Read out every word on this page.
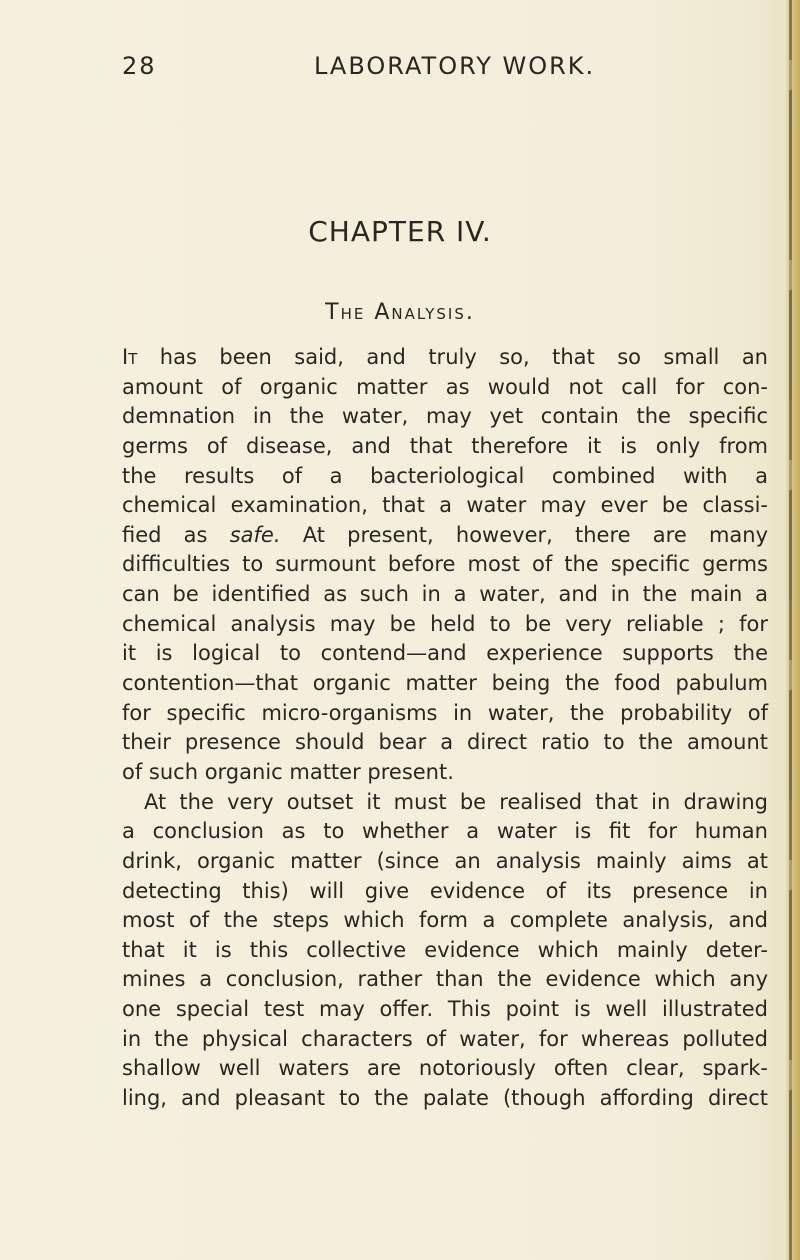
28	LABORATORY WORK.
CHAPTER IV.
The Analysis.
It has been said, and truly so, that so small an
amount of organic matter as would not call for con-
demnation in the water, may yet contain the specific
germs of disease, and that therefore it is only from
the results of a bacteriological combined with a
chemical examination, that a water may ever be classi-
fied as safe. At present, however, there are many
difficulties to surmount before most of the specific germs
can be identified as such in a water, and in the main a
chemical analysis may be held to be very reliable ; for
it is logical to contend—and experience supports the
contention—that organic matter being the food pabulum
for specific micro-organisms in water, the probability of
their presence should bear a direct ratio to the amount
of such organic matter present.
At the very outset it must be realised that in drawing
a conclusion as to whether a water is fit for human
drink, organic matter (since an analysis mainly aims at
detecting this) will give evidence of its presence in
most of the steps which form a complete analysis, and
that it is this collective evidence which mainly deter-
mines a conclusion, rather than the evidence which any
one special test may offer. This point is well illustrated
in the physical characters of water, for whereas polluted
shallow well waters are notoriously often clear, spark-
ling, and pleasant to the palate (though affording direct
